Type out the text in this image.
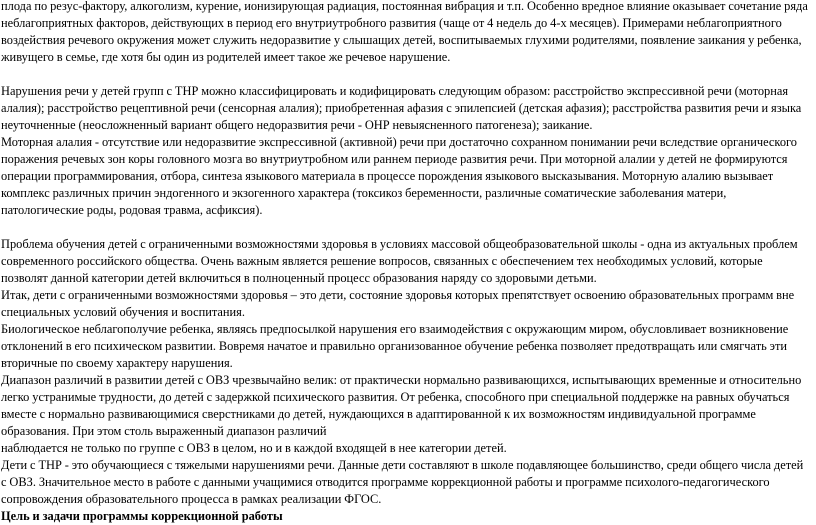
плода по резус-фактору, алкоголизм, курение, ионизирующая радиация, постоянная вибрация и т.п. Особенно вредное влияние оказывает сочетание ряда неблагоприятных факторов, действующих в период его внутриутробного развития (чаще от 4 недель до 4-х месяцев). Примерами неблагоприятного воздействия речевого окружения может служить недоразвитие у слышащих детей, воспитываемых глухими родителями, появление заикания у ребенка, живущего в семье, где хотя бы один из родителей имеет такое же речевое нарушение.

Нарушения речи у детей групп с ТНР можно классифицировать и кодифицировать следующим образом: расстройство экспрессивной речи (моторная алалия); расстройство рецептивной речи (сенсорная алалия); приобретенная афазия с эпилепсией (детская афазия); расстройства развития речи и языка неуточненные (неосложненный вариант общего недоразвития речи - ОНР невыясненного патогенеза); заикание.

Моторная алалия - отсутствие или недоразвитие экспрессивной (активной) речи при достаточно сохранном понимании речи вследствие органического поражения речевых зон коры головного мозга во внутриутробном или раннем периоде развития речи. При моторной алалии у детей не формируются операции программирования, отбора, синтеза языкового материала в процессе порождения языкового высказывания. Моторную алалию вызывает комплекс различных причин эндогенного и экзогенного характера (токсикоз беременности, различные соматические заболевания матери, патологические роды, родовая травма, асфиксия).

Проблема обучения детей с ограниченными возможностями здоровья в условиях массовой общеобразовательной школы - одна из актуальных проблем современного российского общества. Очень важным является решение вопросов, связанных с обеспечением тех необходимых условий, которые позволят данной категории детей включиться в полноценный процесс образования наряду со здоровыми детьми.

Итак, дети с ограниченными возможностями здоровья – это дети, состояние здоровья которых препятствует освоению образовательных программ вне специальных условий обучения и воспитания.

Биологическое неблагополучие ребенка, являясь предпосылкой нарушения его взаимодействия с окружающим миром, обусловливает возникновение отклонений в его психическом развитии. Вовремя начатое и правильно организованное обучение ребенка позволяет предотвращать или смягчать эти вторичные по своему характеру нарушения.

Диапазон различий в развитии детей с ОВЗ чрезвычайно велик: от практически нормально развивающихся, испытывающих временные и относительно легко устранимые трудности, до детей с задержкой психического развития. От ребенка, способного при специальной поддержке на равных обучаться вместе с нормально развивающимися сверстниками до детей, нуждающихся в адаптированной к их возможностям индивидуальной программе образования. При этом столь выраженный диапазон различий

наблюдается не только по группе с ОВЗ в целом, но и в каждой входящей в нее категории детей.

Дети с ТНР - это обучающиеся с тяжелыми нарушениями речи. Данные дети составляют в школе подавляющее большинство, среди общего числа детей с ОВЗ. Значительное место в работе с данными учащимися отводится программе коррекционной работы и программе психолого-педагогического сопровождения образовательного процесса в рамках реализации ФГОС.

Цель и задачи программы коррекционной работы
